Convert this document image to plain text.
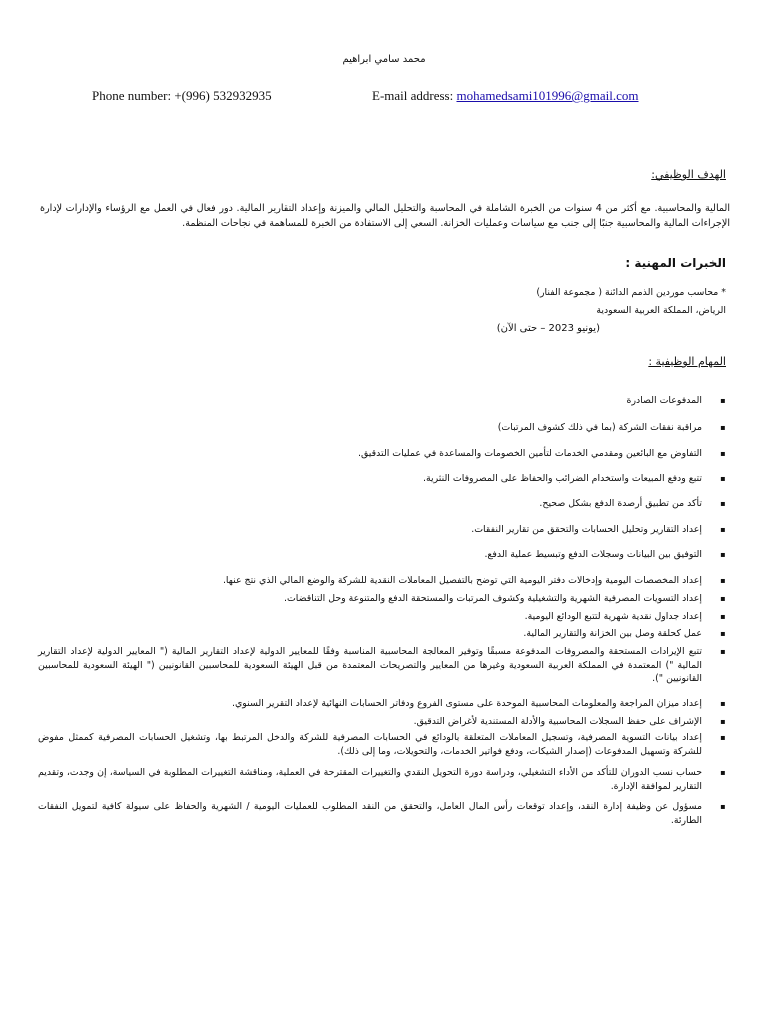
محمد سامي ابراهيم
Phone number: +(996) 532932935	E-mail address: mohamedsami101996@gmail.com
الهدف الوظيفي:
المالية والمحاسبية. مع أكثر من 4 سنوات من الخبرة الشاملة في المحاسبة والتحليل المالي والميزنة وإعداد التقارير المالية. دور فعال في العمل مع الرؤساء والإدارات لإدارة الإجراءات المالية والمحاسبية جنبًا إلى جنب مع سياسات وعمليات الخزانة. السعي إلى الاستفادة من الخبرة للمساهمة في نجاحات المنظمة.
الخبرات المهنية :
* محاسب موردين الذمم الدائنة ( مجموعة الفنار)
الرياض، المملكة العربية السعودية
(يونيو 2023 – حتى الآن)
المهام الوظيفية :
▪
المدفوعات الصادرة
▪
مراقبة نفقات الشركة (بما في ذلك كشوف المرتبات)
▪
التفاوض مع البائعين ومقدمي الخدمات لتأمين الخصومات والمساعدة في عمليات التدقيق.
▪
تتبع ودفع المبيعات واستخدام الضرائب والحفاظ على المصروفات النثرية.
▪
تأكد من تطبيق أرصدة الدفع بشكل صحيح.
▪
إعداد التقارير وتحليل الحسابات والتحقق من تقارير النفقات.
▪
التوفيق بين البيانات وسجلات الدفع وتبسيط عملية الدفع.
▪
إعداد المخصصات اليومية وإدخالات دفتر اليومية التي توضح بالتفصيل المعاملات النقدية للشركة والوضع المالي الذي نتج عنها.
▪
إعداد التسويات المصرفية الشهرية والتشغيلية وكشوف المرتبات والمستحقة الدفع والمتنوعة وحل التناقضات.
▪
إعداد جداول نقدية شهرية لتتبع الودائع اليومية.
▪
عمل كحلقة وصل بين الخزانة والتقارير المالية.
▪
تتبع الإيرادات المستحقة والمصروفات المدفوعة مسبقًا وتوفير المعالجة المحاسبية المناسبة وفقًا للمعايير الدولية لإعداد التقارير المالية (" المعايير الدولية لإعداد التقارير المالية ") المعتمدة في المملكة العربية السعودية وغيرها من المعايير والتصريحات المعتمدة من قبل الهيئة السعودية للمحاسبين القانونيين (" الهيئة السعودية للمحاسبين القانونيين ").
▪
إعداد ميزان المراجعة والمعلومات المحاسبية الموحدة على مستوى الفروع ودفاتر الحسابات النهائية لإعداد التقرير السنوي.
▪
الإشراف على حفظ السجلات المحاسبية والأدلة المستندية لأغراض التدقيق.
▪
إعداد بيانات التسوية المصرفية، وتسجيل المعاملات المتعلقة بالودائع في الحسابات المصرفية للشركة والدخل المرتبط بها، وتشغيل الحسابات المصرفية كممثل مفوض للشركة وتسهيل المدفوعات (إصدار الشيكات، ودفع فواتير الخدمات، والتحويلات، وما إلى ذلك).
▪
حساب نسب الدوران للتأكد من الأداء التشغيلي، ودراسة دورة التحويل النقدي والتغييرات المقترحة في العملية، ومناقشة التغييرات المطلوبة في السياسة، إن وجدت، وتقديم التقارير لموافقة الإدارة.
▪
مسؤول عن وظيفة إدارة النقد، وإعداد توقعات رأس المال العامل، والتحقق من النقد المطلوب للعمليات اليومية / الشهرية والحفاظ على سيولة كافية لتمويل النفقات الطارئة.
